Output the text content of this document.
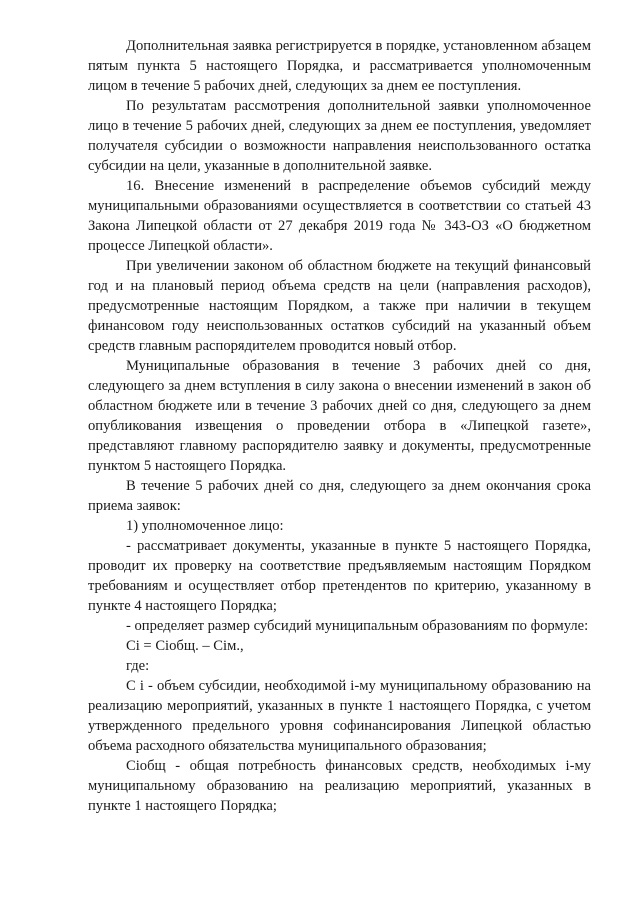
Дополнительная заявка регистрируется в порядке, установленном абзацем пятым пункта 5 настоящего Порядка, и рассматривается уполномоченным лицом в течение 5 рабочих дней, следующих за днем ее поступления.

По результатам рассмотрения дополнительной заявки уполномоченное лицо в течение 5 рабочих дней, следующих за днем ее поступления, уведомляет получателя субсидии о возможности направления неиспользованного остатка субсидии на цели, указанные в дополнительной заявке.

16. Внесение изменений в распределение объемов субсидий между муниципальными образованиями осуществляется в соответствии со статьей 43 Закона Липецкой области от 27 декабря 2019 года № 343-ОЗ «О бюджетном процессе Липецкой области».

При увеличении законом об областном бюджете на текущий финансовый год и на плановый период объема средств на цели (направления расходов), предусмотренные настоящим Порядком, а также при наличии в текущем финансовом году неиспользованных остатков субсидий на указанный объем средств главным распорядителем проводится новый отбор.

Муниципальные образования в течение 3 рабочих дней со дня, следующего за днем вступления в силу закона о внесении изменений в закон об областном бюджете или в течение 3 рабочих дней со дня, следующего за днем опубликования извещения о проведении отбора в «Липецкой газете», представляют главному распорядителю заявку и документы, предусмотренные пунктом 5 настоящего Порядка.

В течение 5 рабочих дней со дня, следующего за днем окончания срока приема заявок:

1) уполномоченное лицо:

- рассматривает документы, указанные в пункте 5 настоящего Порядка, проводит их проверку на соответствие предъявляемым настоящим Порядком требованиям и осуществляет отбор претендентов по критерию, указанному в пункте 4 настоящего Порядка;

- определяет размер субсидий муниципальным образованиям по формуле:

Сi = Сiобщ. – Сiм.,

где:

С i - объем субсидии, необходимой i-му муниципальному образованию на реализацию мероприятий, указанных в пункте 1 настоящего Порядка, с учетом утвержденного предельного уровня софинансирования Липецкой областью объема расходного обязательства муниципального образования;

Сiобщ - общая потребность финансовых средств, необходимых i-му муниципальному образованию на реализацию мероприятий, указанных в пункте 1 настоящего Порядка;
